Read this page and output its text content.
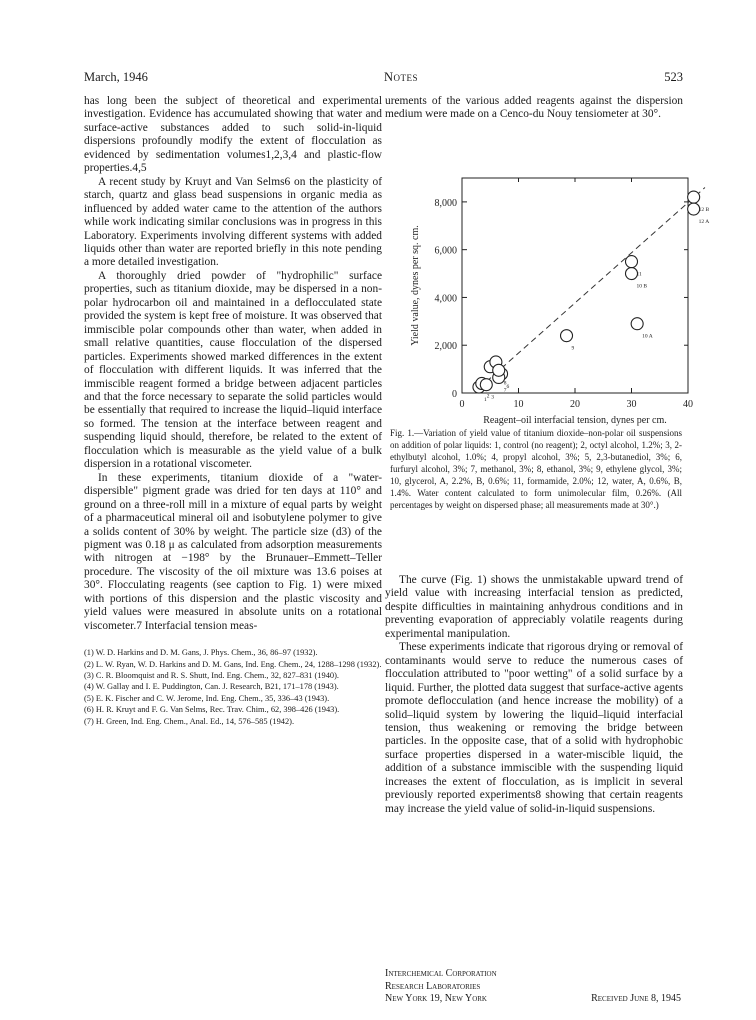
March, 1946	Notes	523

has long been the subject of theoretical and experimental investigation. Evidence has accumulated showing that water and surface-active substances added to such solid-in-liquid dispersions profoundly modify the extent of flocculation as evidenced by sedimentation volumes1,2,3,4 and plastic-flow properties.4,5

A recent study by Kruyt and Van Selms6 on the plasticity of starch, quartz and glass bead suspensions in organic media as influenced by added water came to the attention of the authors while work indicating similar conclusions was in progress in this Laboratory. Experiments involving different systems with added liquids other than water are reported briefly in this note pending a more detailed investigation.

A thoroughly dried powder of "hydrophilic" surface properties, such as titanium dioxide, may be dispersed in a non-polar hydrocarbon oil and maintained in a deflocculated state provided the system is kept free of moisture. It was observed that immiscible polar compounds other than water, when added in small relative quantities, cause flocculation of the dispersed particles. Experiments showed marked differences in the extent of flocculation with different liquids. It was inferred that the immiscible reagent formed a bridge between adjacent particles and that the force necessary to separate the solid particles would be essentially that required to increase the liquid–liquid interface so formed. The tension at the interface between reagent and suspending liquid should, therefore, be related to the extent of flocculation which is measurable as the yield value of a bulk dispersion in a rotational viscometer.

In these experiments, titanium dioxide of a "water-dispersible" pigment grade was dried for ten days at 110° and ground on a three-roll mill in a mixture of equal parts by weight of a pharmaceutical mineral oil and isobutylene polymer to give a solids content of 30% by weight. The particle size (d3) of the pigment was 0.18 μ as calculated from adsorption measurements with nitrogen at −198° by the Brunauer–Emmett–Teller procedure. The viscosity of the oil mixture was 13.6 poises at 30°. Flocculating reagents (see caption to Fig. 1) were mixed with portions of this dispersion and the plastic viscosity and yield values were measured in absolute units on a rotational viscometer.7 Interfacial tension meas-

(1) W. D. Harkins and D. M. Gans, J. Phys. Chem., 36, 86–97 (1932).

(2) L. W. Ryan, W. D. Harkins and D. M. Gans, Ind. Eng. Chem., 24, 1288–1298 (1932).

(3) C. R. Bloomquist and R. S. Shutt, Ind. Eng. Chem., 32, 827–831 (1940).

(4) W. Gallay and I. E. Puddington, Can. J. Research, B21, 171–178 (1943).

(5) E. K. Fischer and C. W. Jerome, Ind. Eng. Chem., 35, 336–43 (1943).

(6) H. R. Kruyt and F. G. Van Selms, Rec. Trav. Chim., 62, 398–426 (1943).

(7) H. Green, Ind. Eng. Chem., Anal. Ed., 14, 576–585 (1942).

urements of the various added reagents against the dispersion medium were made on a Cenco-du Nouy tensiometer at 30°.

0	10	20	30	40
0
2,000
4,000
6,000
8,000
Reagent–oil interfacial tension, dynes per cm.
Yield value, dynes per sq. cm.
1
2 3
6
7
8
9
10 A
10 B
11
12 A
12 B
Fig. 1.—Variation of yield value of titanium dioxide–non-polar oil suspensions on addition of polar liquids: 1, control (no reagent); 2, octyl alcohol, 1.2%; 3, 2-ethylbutyl alcohol, 1.0%; 4, propyl alcohol, 3%; 5, 2,3-butanediol, 3%; 6, furfuryl alcohol, 3%; 7, methanol, 3%; 8, ethanol, 3%; 9, ethylene glycol, 3%; 10, glycerol, A, 2.2%, B, 0.6%; 11, formamide, 2.0%; 12, water, A, 0.6%, B, 1.4%. Water content calculated to form unimolecular film, 0.26%. (All percentages by weight on dispersed phase; all measurements made at 30°.)

The curve (Fig. 1) shows the unmistakable upward trend of yield value with increasing interfacial tension as predicted, despite difficulties in maintaining anhydrous conditions and in preventing evaporation of appreciably volatile reagents during experimental manipulation.

These experiments indicate that rigorous drying or removal of contaminants would serve to reduce the numerous cases of flocculation attributed to "poor wetting" of a solid surface by a liquid. Further, the plotted data suggest that surface-active agents promote deflocculation (and hence increase the mobility) of a solid–liquid system by lowering the liquid–liquid interfacial tension, thus weakening or removing the bridge between particles. In the opposite case, that of a solid with hydrophobic surface properties dispersed in a water-miscible liquid, the addition of a substance immiscible with the suspending liquid increases the extent of flocculation, as is implicit in several previously reported experiments8 showing that certain reagents may increase the yield value of solid-in-liquid suspensions.

Interchemical Corporation
Research Laboratories
New York 19, New York	Received June 8, 1945
